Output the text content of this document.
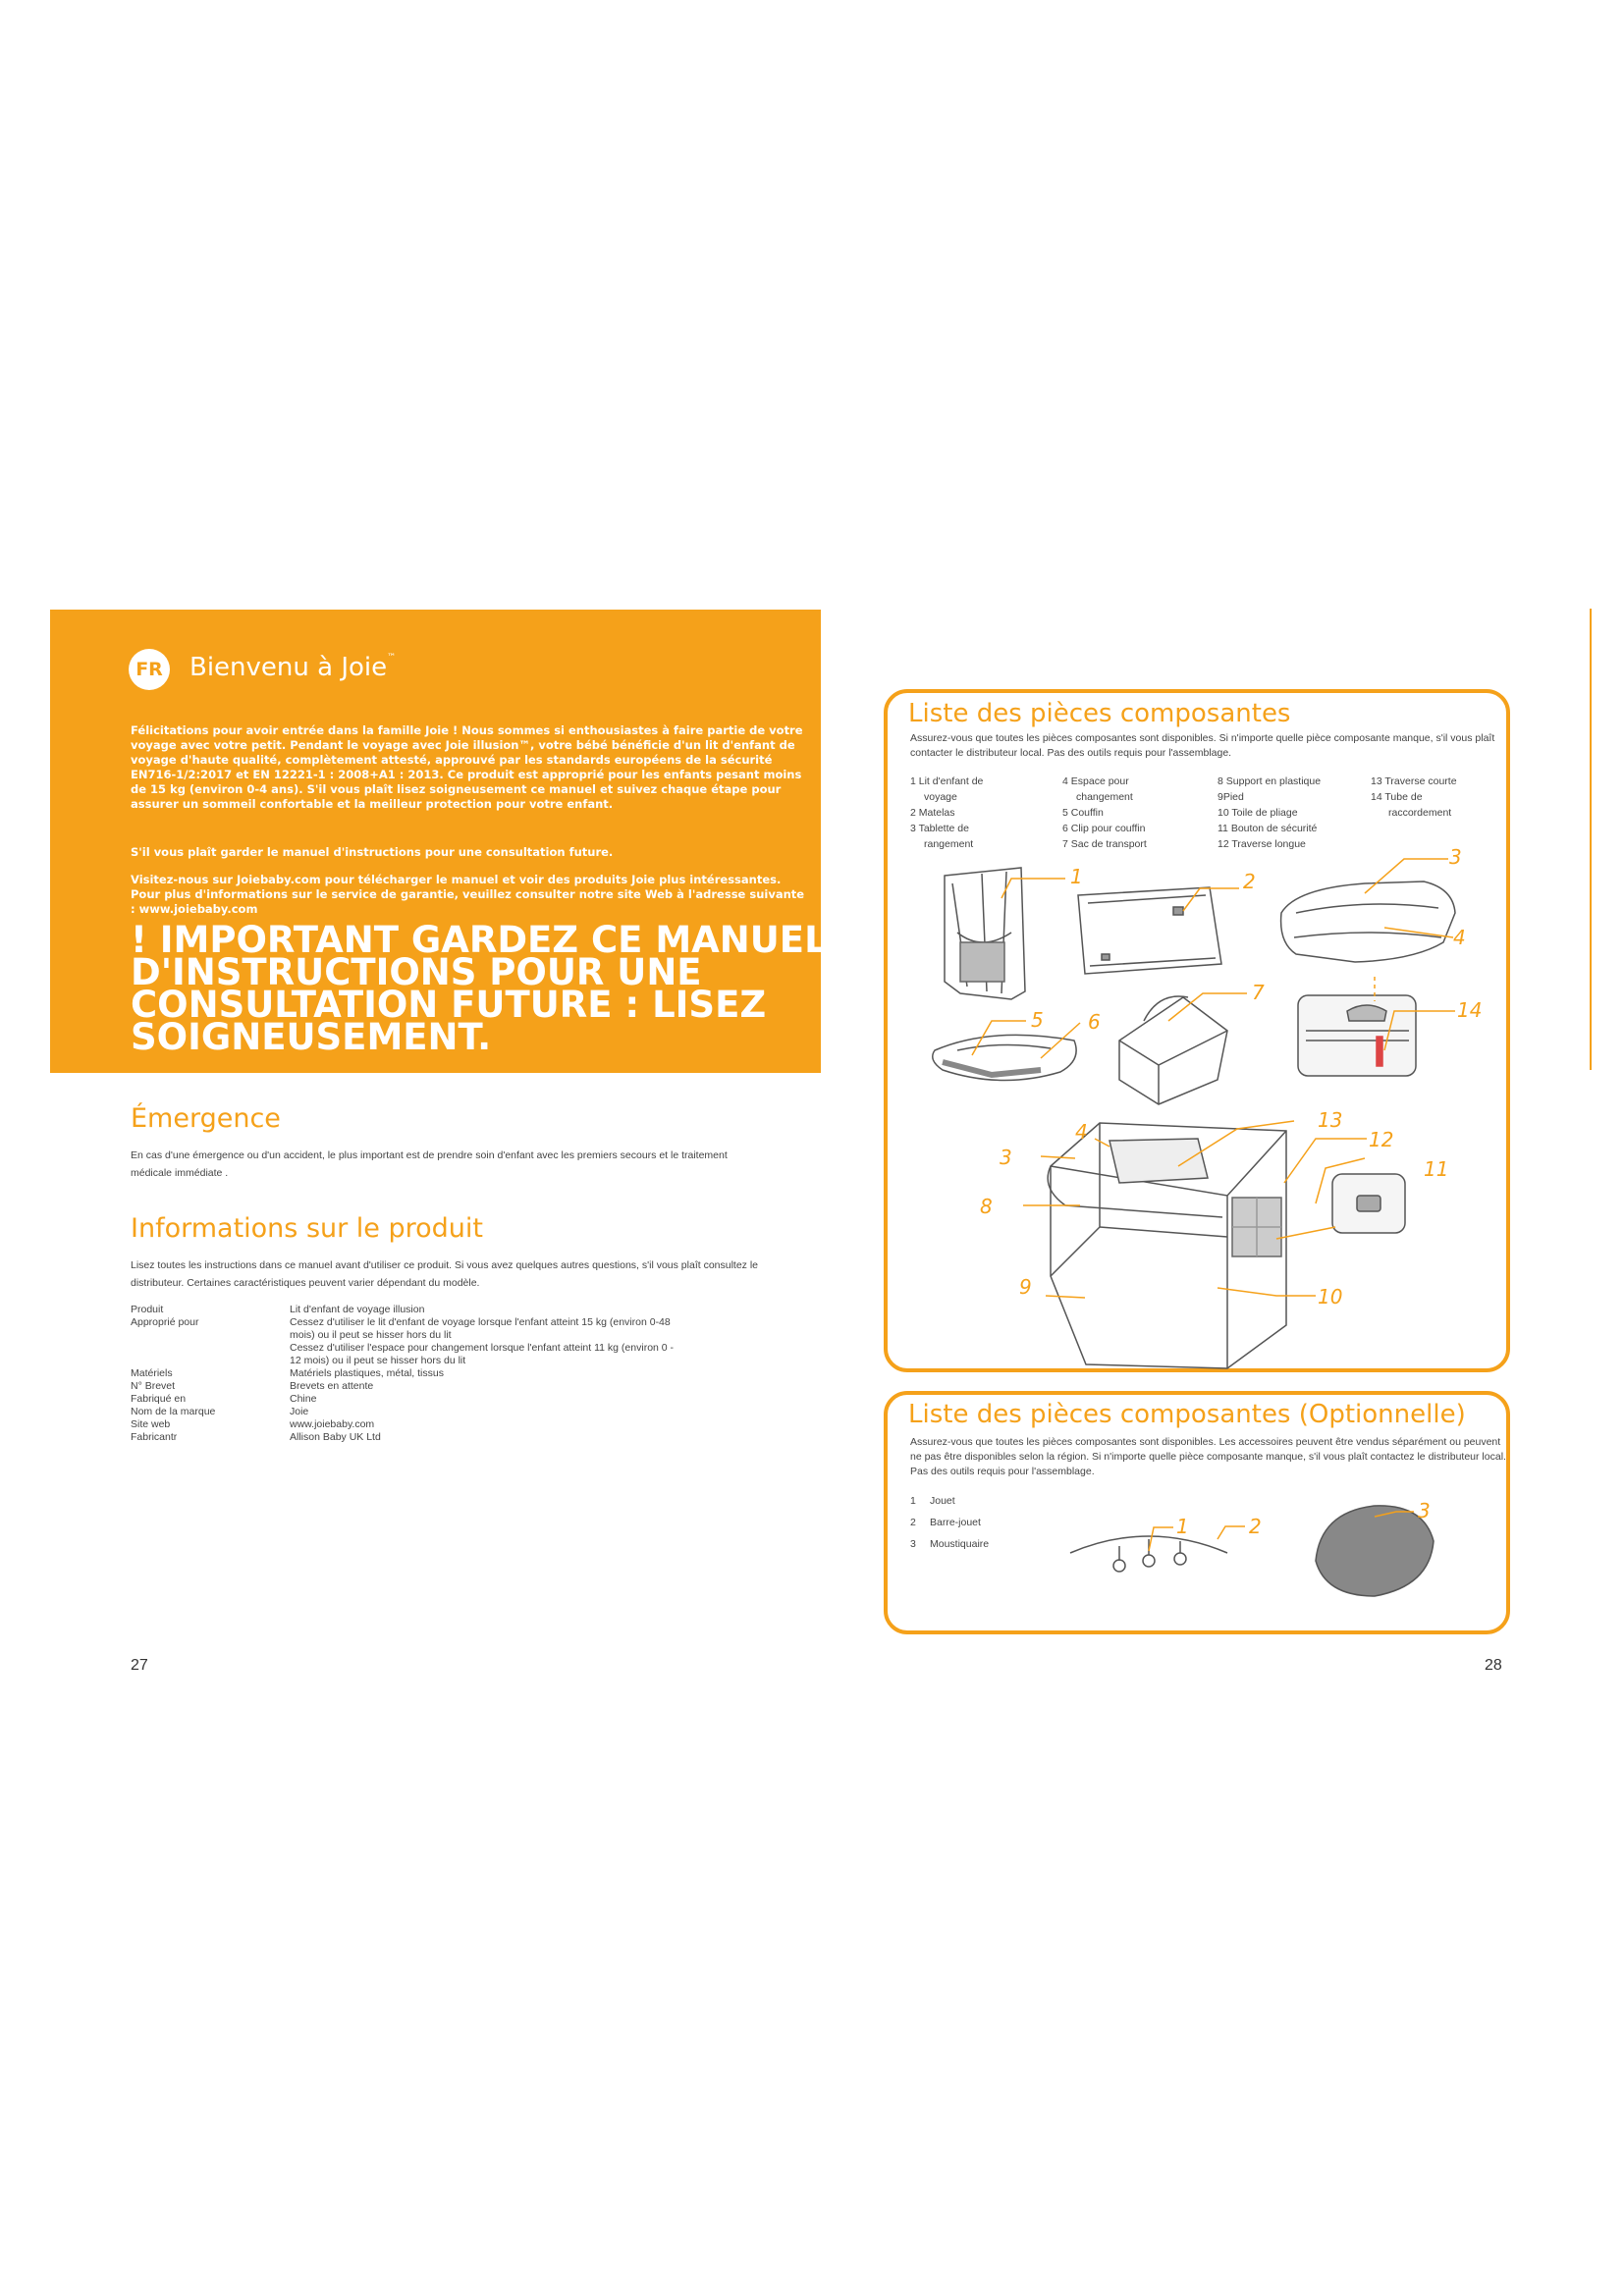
FR Bienvenu à Joie™
Félicitations pour avoir entrée dans la famille Joie ! Nous sommes si enthousiastes à faire partie de votre voyage avec votre petit. Pendant le voyage avec Joie illusion™, votre bébé bénéficie d'un lit d'enfant de voyage d'haute qualité, complètement attesté, approuvé par les standards européens de la sécurité EN716-1/2:2017 et EN 12221-1 : 2008+A1 : 2013. Ce produit est approprié pour les enfants pesant moins de 15 kg (environ 0-4 ans). S'il vous plaît lisez soigneusement ce manuel et suivez chaque étape pour assurer un sommeil confortable et la meilleur protection pour votre enfant.
S'il vous plaît garder le manuel d'instructions pour une consultation future.
Visitez-nous sur Joiebaby.com pour télécharger le manuel et voir des produits Joie plus intéressantes. Pour plus d'informations sur le service de garantie, veuillez consulter notre site Web à l'adresse suivante : www.joiebaby.com
! IMPORTANT GARDEZ CE MANUEL D'INSTRUCTIONS POUR UNE CONSULTATION FUTURE : LISEZ SOIGNEUSEMENT.
Émergence
En cas d'une émergence ou d'un accident, le plus important est de prendre soin d'enfant avec les premiers secours et le traitement médicale immédiate .
Informations sur le produit
Lisez toutes les instructions dans ce manuel avant d'utiliser ce produit. Si vous avez quelques autres questions, s'il vous plaît consultez le distributeur. Certaines caractéristiques peuvent varier dépendant du modèle.
Produit	Lit d'enfant de voyage illusion
Approprié pour	Cessez d'utiliser le lit d'enfant de voyage lorsque l'enfant atteint 15 kg (environ 0-48 mois) ou il peut se hisser hors du lit
Cessez d'utiliser l'espace pour changement lorsque l'enfant atteint 11 kg (environ 0 - 12 mois) ou il peut se hisser hors du lit
Matériels	Matériels plastiques, métal, tissus
N° Brevet	Brevets en attente
Fabriqué en	Chine
Nom de la marque	Joie
Site web	www.joiebaby.com
Fabricantr	Allison Baby UK Ltd
27
Liste des pièces composantes
Assurez-vous que toutes les pièces composantes sont disponibles. Si n'importe quelle pièce composante manque, s'il vous plaît contacter le distributeur local. Pas des outils requis pour l'assemblage.
1 Lit d'enfant de
voyage
2 Matelas
3 Tablette de
rangement
4 Espace pour
changement
5 Couffin
6 Clip pour couffin
7 Sac de transport
8 Support en plastique
9Pied
10 Toile de pliage
11 Bouton de sécurité
12 Traverse longue
13 Traverse courte
14 Tube de
raccordement
1	2
3
4
5 6
7
14
4
3
8
9	10
11
12
13
1	2
3
Liste des pièces composantes (Optionnelle)
Assurez-vous que toutes les pièces composantes sont disponibles. Les accessoires peuvent être vendus séparément ou peuvent ne pas être disponibles selon la région. Si n'importe quelle pièce composante manque, s'il vous plaît contactez le distributeur local. Pas des outils requis pour l'assemblage.
1 Jouet
2 Barre-jouet
3 Moustiquaire
28
